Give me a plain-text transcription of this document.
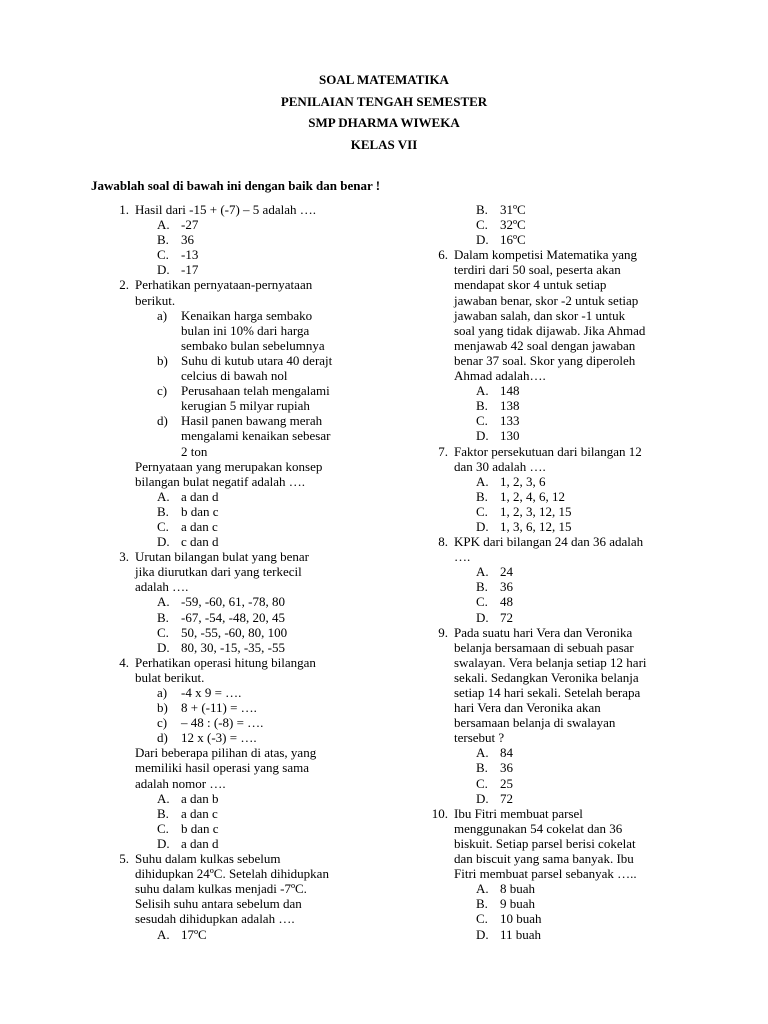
SOAL MATEMATIKA
PENILAIAN TENGAH SEMESTER
SMP DHARMA WIWEKA
KELAS VII
Jawablah soal di bawah ini dengan baik dan benar !
1. Hasil dari -15 + (-7) – 5 adalah ….
A. -27
B. 36
C. -13
D. -17
2. Perhatikan pernyataan-pernyataan
berikut.
a)	Kenaikan harga sembako
bulan ini 10% dari harga
sembako bulan sebelumnya
b)	Suhu di kutub utara 40 derajt
celcius di bawah nol
c)	Perusahaan telah mengalami
kerugian 5 milyar rupiah
d)	Hasil panen bawang merah
mengalami kenaikan sebesar
2 ton
Pernyataan yang merupakan konsep
bilangan bulat negatif adalah ….
A. a dan d
B. b dan c
C. a dan c
D. c dan d
3. Urutan bilangan bulat yang benar
jika diurutkan dari yang terkecil
adalah ….
A. -59, -60, 61, -78, 80
B. -67, -54, -48, 20, 45
C. 50, -55, -60, 80, 100
D. 80, 30, -15, -35, -55
4. Perhatikan operasi hitung bilangan
bulat berikut.
a)	-4 x 9 = ….
b)	8 + (-11) = ….
c)	– 48 : (-8) = ….
d)	12 x (-3) = ….
Dari beberapa pilihan di atas, yang
memiliki hasil operasi yang sama
adalah nomor ….
A. a dan b
B. a dan c
C. b dan c
D. a dan d
5. Suhu dalam kulkas sebelum
dihidupkan 24ºC. Setelah dihidupkan
suhu dalam kulkas menjadi -7ºC.
Selisih suhu antara sebelum dan
sesudah dihidupkan adalah ….
A. 17ºC
B. 31ºC
C. 32ºC
D. 16ºC
6. Dalam kompetisi Matematika yang
terdiri dari 50 soal, peserta akan
mendapat skor 4 untuk setiap
jawaban benar, skor -2 untuk setiap
jawaban salah, dan skor -1 untuk
soal yang tidak dijawab. Jika Ahmad
menjawab 42 soal dengan jawaban
benar 37 soal. Skor yang diperoleh
Ahmad adalah….
A. 148
B. 138
C. 133
D. 130
7. Faktor persekutuan dari bilangan 12
dan 30 adalah ….
A. 1, 2, 3, 6
B. 1, 2, 4, 6, 12
C. 1, 2, 3, 12, 15
D. 1, 3, 6, 12, 15
8. KPK dari bilangan 24 dan 36 adalah
….
A. 24
B. 36
C. 48
D. 72
9. Pada suatu hari Vera dan Veronika
belanja bersamaan di sebuah pasar
swalayan. Vera belanja setiap 12 hari
sekali. Sedangkan Veronika belanja
setiap 14 hari sekali. Setelah berapa
hari Vera dan Veronika akan
bersamaan belanja di swalayan
tersebut ?
A. 84
B. 36
C. 25
D. 72
10. Ibu Fitri membuat parsel
menggunakan 54 cokelat dan 36
biskuit. Setiap parsel berisi cokelat
dan biscuit yang sama banyak. Ibu
Fitri membuat parsel sebanyak …..
A. 8 buah
B. 9 buah
C. 10 buah
D. 11 buah
